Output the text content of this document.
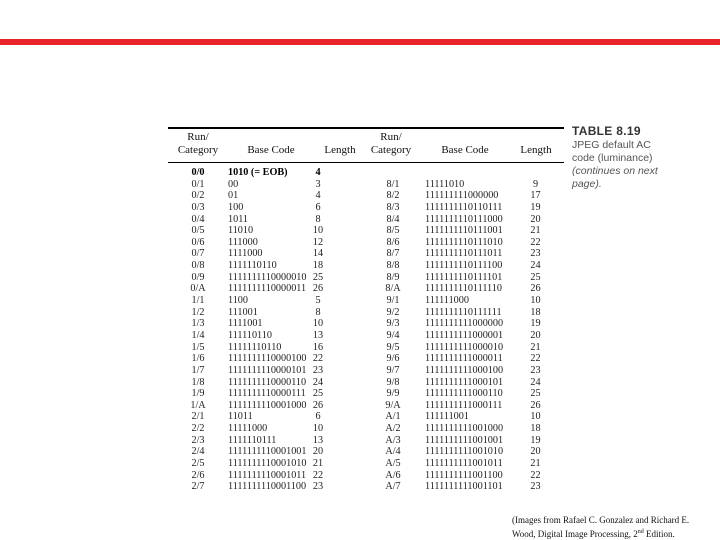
Run/
Category	Base Code	Length
Run/
Category	Base Code	Length
0/0	1010 (= EOB)	4
0/1	00	3	8/1	11111010	9
0/2	01	4	8/2	111111111000000	17
0/3	100	6	8/3	1111111110110111	19
0/4	1011	8	8/4	1111111110111000	20
0/5	11010	10	8/5	1111111110111001	21
0/6	111000	12	8/6	1111111110111010	22
0/7	1111000	14	8/7	1111111110111011	23
0/8	1111110110	18	8/8	1111111110111100	24
0/9	1111111110000010 25	8/9	1111111110111101	25
0/A	1111111110000011 26	8/A	1111111110111110	26
1/1	1100	5	9/1	111111000	10
1/2	111001	8	9/2	1111111110111111	18
1/3	1111001	10	9/3	1111111111000000	19
1/4	111110110	13	9/4	1111111111000001	20
1/5	11111110110	16	9/5	1111111111000010	21
1/6	1111111110000100 22	9/6	1111111111000011	22
1/7	1111111110000101 23	9/7	1111111111000100	23
1/8	1111111110000110 24	9/8	1111111111000101	24
1/9	1111111110000111 25	9/9	1111111111000110	25
1/A	1111111110001000 26	9/A	1111111111000111	26
2/1	11011	6	A/1	111111001	10
2/2	11111000	10	A/2	1111111111001000	18
2/3	1111110111	13	A/3	1111111111001001	19
2/4	1111111110001001 20	A/4	1111111111001010	20
2/5	1111111110001010 21	A/5	1111111111001011	21
2/6	1111111110001011 22	A/6	1111111111001100	22
2/7	1111111110001100 23	A/7	1111111111001101	23
TABLE 8.19
JPEG default AC
code (luminance)
(continues on next
page).
(Images from Rafael C. Gonzalez and Richard E.
Wood, Digital Image Processing, 2nd Edition.
